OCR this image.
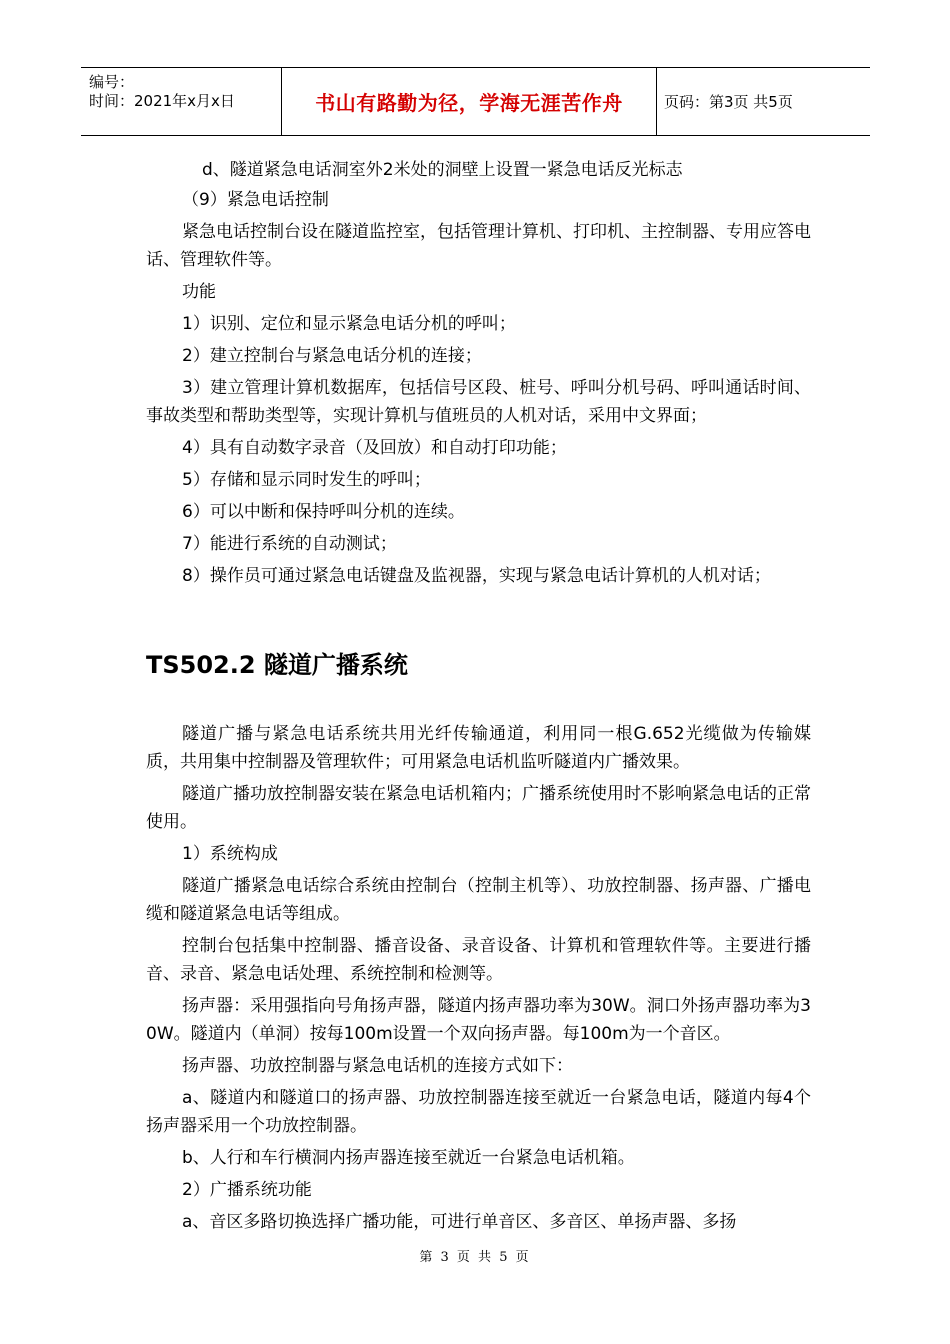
编号：
时间：2021年x月x日	书山有路勤为径，学海无涯苦作舟	页码：第3页 共5页

d、隧道紧急电话洞室外2米处的洞壁上设置一紧急电话反光标志

（9）紧急电话控制

紧急电话控制台设在隧道监控室，包括管理计算机、打印机、主控制器、专用应答电话、管理软件等。

功能

1）识别、定位和显示紧急电话分机的呼叫；

2）建立控制台与紧急电话分机的连接；

3）建立管理计算机数据库，包括信号区段、桩号、呼叫分机号码、呼叫通话时间、事故类型和帮助类型等，实现计算机与值班员的人机对话，采用中文界面；

4）具有自动数字录音（及回放）和自动打印功能；

5）存储和显示同时发生的呼叫；

6）可以中断和保持呼叫分机的连续。

7）能进行系统的自动测试；

8）操作员可通过紧急电话键盘及监视器，实现与紧急电话计算机的人机对话；

TS502.2 隧道广播系统

隧道广播与紧急电话系统共用光纤传输通道，利用同一根G.652光缆做为传输媒质，共用集中控制器及管理软件；可用紧急电话机监听隧道内广播效果。

隧道广播功放控制器安装在紧急电话机箱内；广播系统使用时不影响紧急电话的正常使用。

1）系统构成

隧道广播紧急电话综合系统由控制台（控制主机等）、功放控制器、扬声器、广播电缆和隧道紧急电话等组成。

控制台包括集中控制器、播音设备、录音设备、计算机和管理软件等。主要进行播音、录音、紧急电话处理、系统控制和检测等。

扬声器：采用强指向号角扬声器，隧道内扬声器功率为30W。洞口外扬声器功率为30W。隧道内（单洞）按每100m设置一个双向扬声器。每100m为一个音区。

扬声器、功放控制器与紧急电话机的连接方式如下：

a、隧道内和隧道口的扬声器、功放控制器连接至就近一台紧急电话，隧道内每4个扬声器采用一个功放控制器。

b、人行和车行横洞内扬声器连接至就近一台紧急电话机箱。

2）广播系统功能

a、音区多路切换选择广播功能，可进行单音区、多音区、单扬声器、多扬

第 3 页 共 5 页
